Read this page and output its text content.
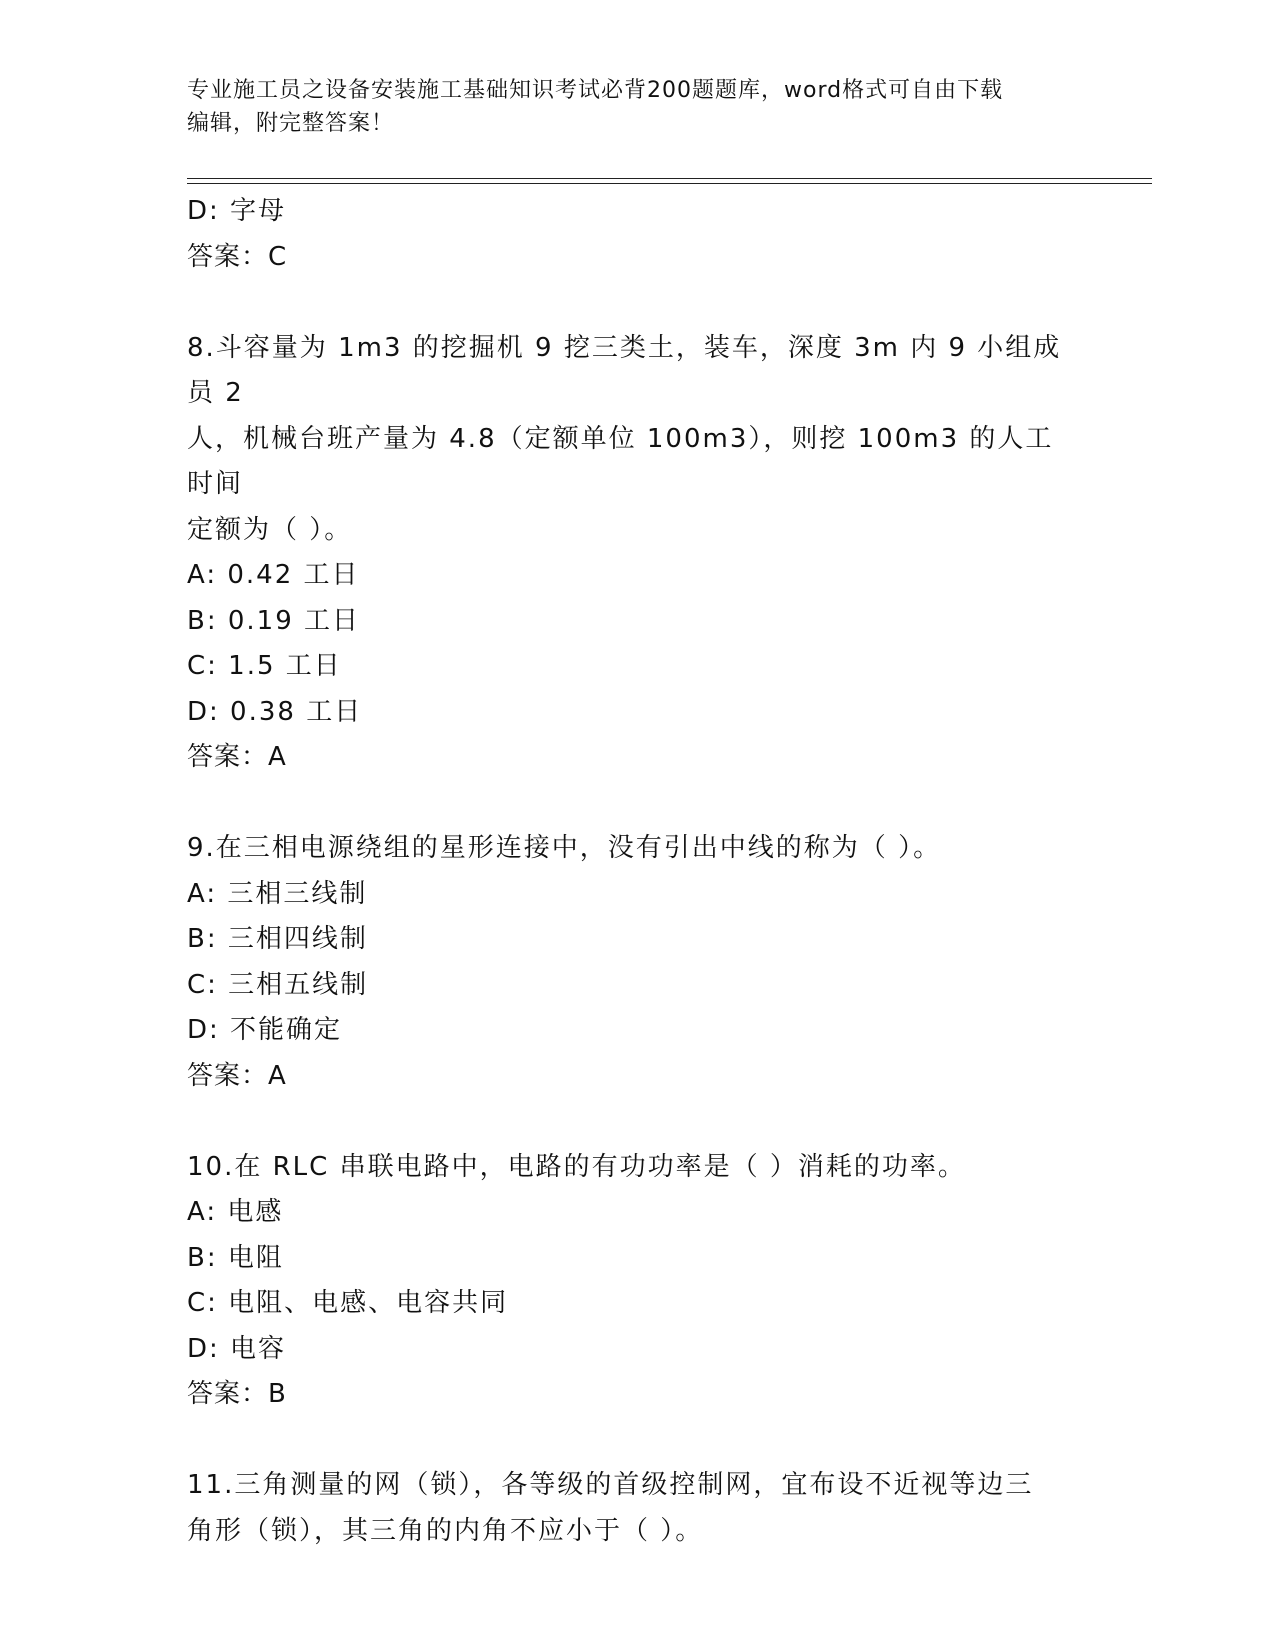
专业施工员之设备安装施工基础知识考试必背200题题库，word格式可自由下载
编辑，附完整答案！
D: 字母
答案：C
8.斗容量为 1m3 的挖掘机 9 挖三类土，装车，深度 3m 内 9 小组成员 2
人，机械台班产量为 4.8（定额单位 100m3），则挖 100m3 的人工时间
定额为（ ）。
A: 0.42 工日
B: 0.19 工日
C: 1.5 工日
D: 0.38 工日
答案：A
9.在三相电源绕组的星形连接中，没有引出中线的称为（ ）。
A: 三相三线制
B: 三相四线制
C: 三相五线制
D: 不能确定
答案：A
10.在 RLC 串联电路中，电路的有功功率是（ ）消耗的功率。
A: 电感
B: 电阻
C: 电阻、电感、电容共同
D: 电容
答案：B
11.三角测量的网（锁），各等级的首级控制网，宜布设不近视等边三
角形（锁），其三角的内角不应小于（ ）。
